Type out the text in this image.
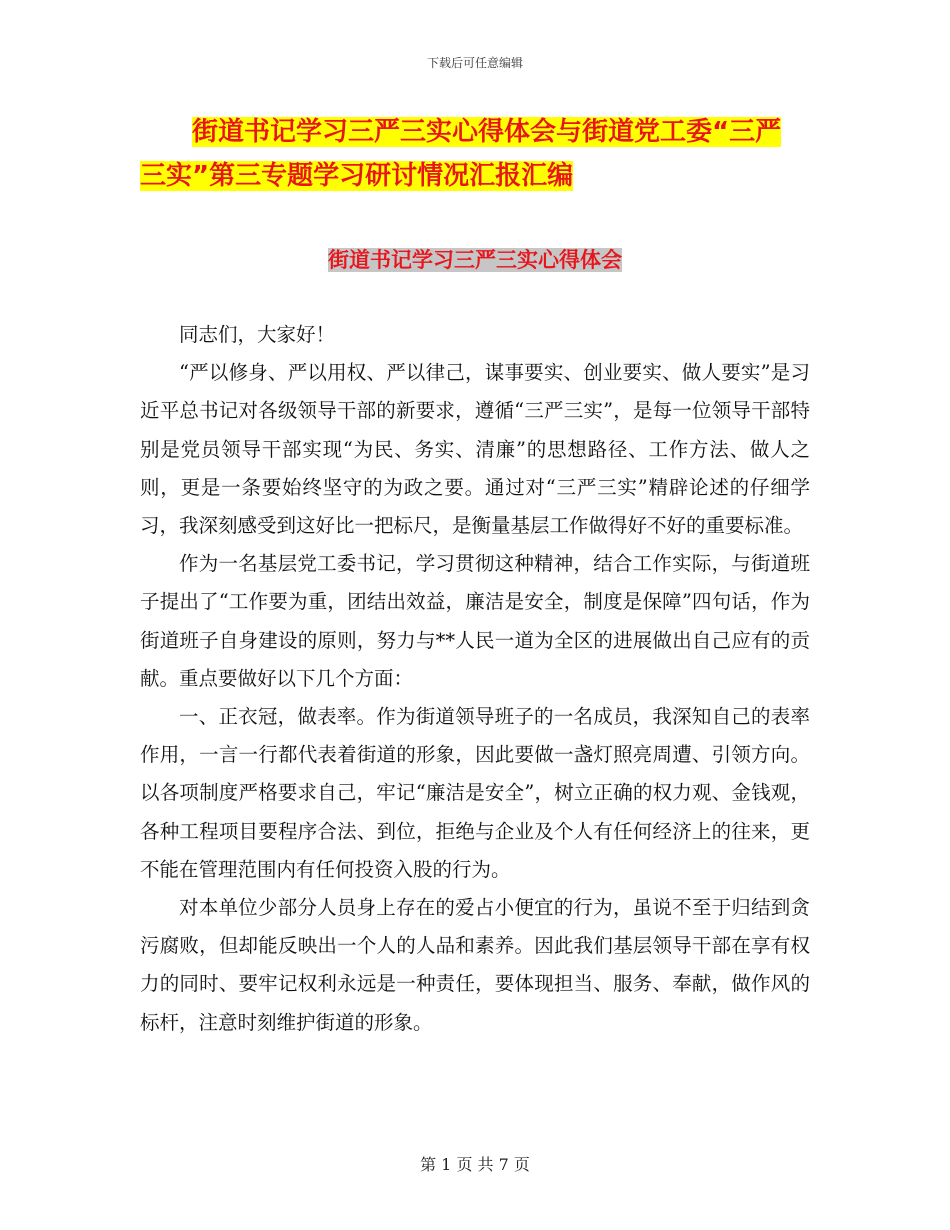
下载后可任意编辑
街道书记学习三严三实心得体会与街道党工委“三严
三实”第三专题学习研讨情况汇报汇编
街道书记学习三严三实心得体会

同志们，大家好！

“严以修身、严以用权、严以律己，谋事要实、创业要实、做人要实”是习近平总书记对各级领导干部的新要求，遵循“三严三实”，是每一位领导干部特别是党员领导干部实现“为民、务实、清廉”的思想路径、工作方法、做人之则，更是一条要始终坚守的为政之要。通过对“三严三实”精辟论述的仔细学习，我深刻感受到这好比一把标尺，是衡量基层工作做得好不好的重要标准。

作为一名基层党工委书记，学习贯彻这种精神，结合工作实际，与街道班子提出了“工作要为重，团结出效益，廉洁是安全，制度是保障”四句话，作为街道班子自身建设的原则，努力与**人民一道为全区的进展做出自己应有的贡献。重点要做好以下几个方面：

一、正衣冠，做表率。作为街道领导班子的一名成员，我深知自己的表率作用，一言一行都代表着街道的形象，因此要做一盏灯照亮周遭、引领方向。以各项制度严格要求自己，牢记“廉洁是安全”，树立正确的权力观、金钱观，各种工程项目要程序合法、到位，拒绝与企业及个人有任何经济上的往来，更不能在管理范围内有任何投资入股的行为。

对本单位少部分人员身上存在的爱占小便宜的行为，虽说不至于归结到贪污腐败，但却能反映出一个人的人品和素养。因此我们基层领导干部在享有权力的同时、要牢记权利永远是一种责任，要体现担当、服务、奉献，做作风的标杆，注意时刻维护街道的形象。

第 1 页 共 7 页
